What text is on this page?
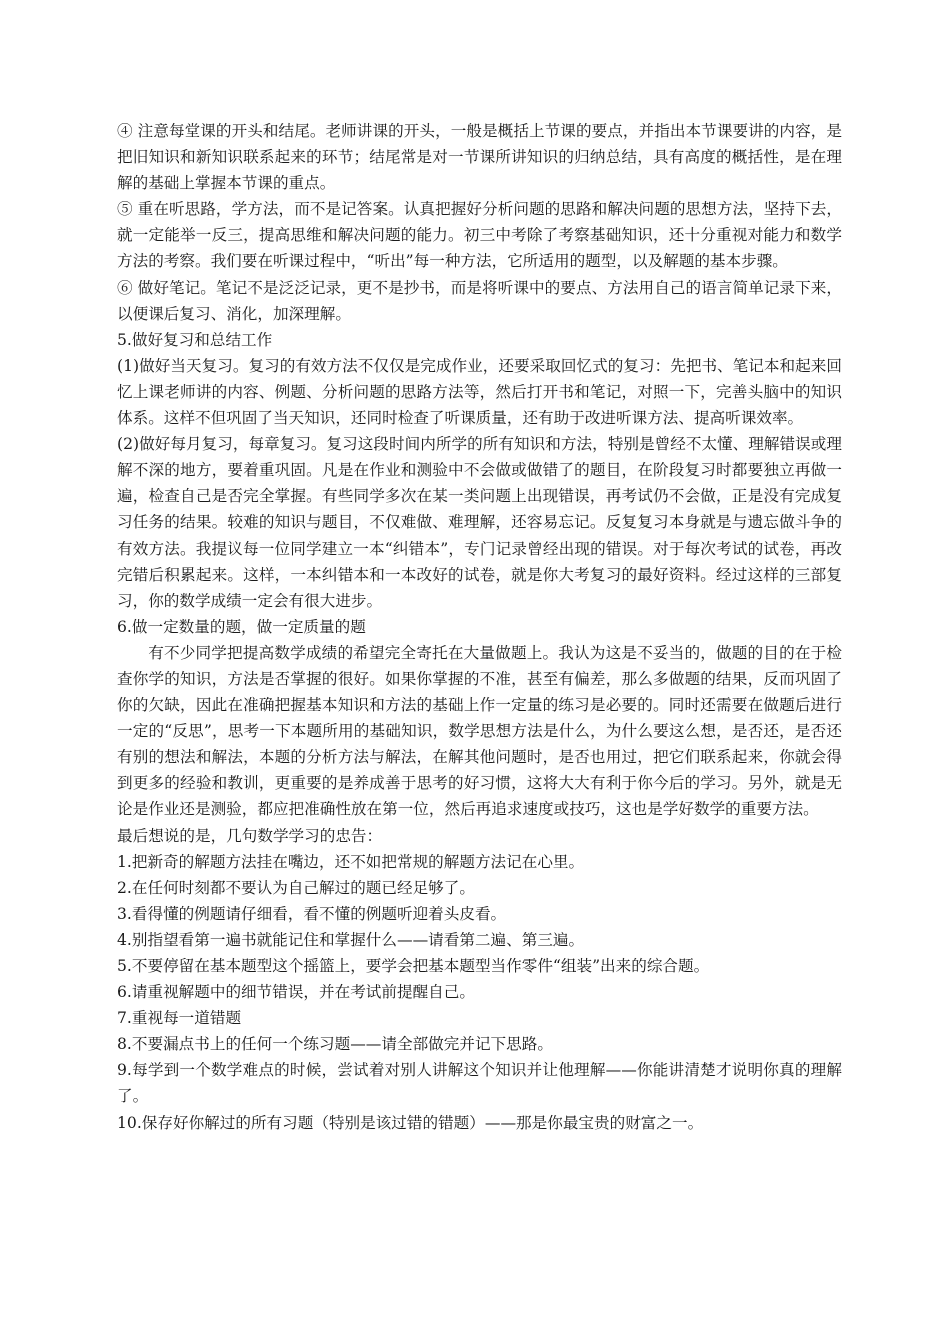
④ 注意每堂课的开头和结尾。老师讲课的开头，一般是概括上节课的要点，并指出本节课要讲的内容，是把旧知识和新知识联系起来的环节；结尾常是对一节课所讲知识的归纳总结，具有高度的概括性，是在理解的基础上掌握本节课的重点。

⑤ 重在听思路，学方法，而不是记答案。认真把握好分析问题的思路和解决问题的思想方法，坚持下去，就一定能举一反三，提高思维和解决问题的能力。初三中考除了考察基础知识，还十分重视对能力和数学方法的考察。我们要在听课过程中，“听出”每一种方法，它所适用的题型，以及解题的基本步骤。

⑥ 做好笔记。笔记不是泛泛记录，更不是抄书，而是将听课中的要点、方法用自己的语言简单记录下来，以便课后复习、消化，加深理解。

5.做好复习和总结工作

(1)做好当天复习。复习的有效方法不仅仅是完成作业，还要采取回忆式的复习：先把书、笔记本和起来回忆上课老师讲的内容、例题、分析问题的思路方法等，然后打开书和笔记，对照一下，完善头脑中的知识体系。这样不但巩固了当天知识，还同时检查了听课质量，还有助于改进听课方法、提高听课效率。

(2)做好每月复习，每章复习。复习这段时间内所学的所有知识和方法，特别是曾经不太懂、理解错误或理解不深的地方，要着重巩固。凡是在作业和测验中不会做或做错了的题目，在阶段复习时都要独立再做一遍，检查自己是否完全掌握。有些同学多次在某一类问题上出现错误，再考试仍不会做，正是没有完成复习任务的结果。较难的知识与题目，不仅难做、难理解，还容易忘记。反复复习本身就是与遗忘做斗争的有效方法。我提议每一位同学建立一本“纠错本”，专门记录曾经出现的错误。对于每次考试的试卷，再改完错后积累起来。这样，一本纠错本和一本改好的试卷，就是你大考复习的最好资料。经过这样的三部复习，你的数学成绩一定会有很大进步。

6.做一定数量的题，做一定质量的题

有不少同学把提高数学成绩的希望完全寄托在大量做题上。我认为这是不妥当的，做题的目的在于检查你学的知识，方法是否掌握的很好。如果你掌握的不准，甚至有偏差，那么多做题的结果，反而巩固了你的欠缺，因此在准确把握基本知识和方法的基础上作一定量的练习是必要的。同时还需要在做题后进行一定的“反思”，思考一下本题所用的基础知识，数学思想方法是什么，为什么要这么想，是否还，是否还有别的想法和解法，本题的分析方法与解法，在解其他问题时，是否也用过，把它们联系起来，你就会得到更多的经验和教训，更重要的是养成善于思考的好习惯，这将大大有利于你今后的学习。另外，就是无论是作业还是测验，都应把准确性放在第一位，然后再追求速度或技巧，这也是学好数学的重要方法。

最后想说的是，几句数学学习的忠告：

1.把新奇的解题方法挂在嘴边，还不如把常规的解题方法记在心里。

2.在任何时刻都不要认为自己解过的题已经足够了。

3.看得懂的例题请仔细看，看不懂的例题听迎着头皮看。

4.别指望看第一遍书就能记住和掌握什么——请看第二遍、第三遍。

5.不要停留在基本题型这个摇篮上，要学会把基本题型当作零件“组装”出来的综合题。

6.请重视解题中的细节错误，并在考试前提醒自己。

7.重视每一道错题

8.不要漏点书上的任何一个练习题——请全部做完并记下思路。

9.每学到一个数学难点的时候，尝试着对别人讲解这个知识并让他理解——你能讲清楚才说明你真的理解了。

10.保存好你解过的所有习题（特别是该过错的错题）——那是你最宝贵的财富之一。
